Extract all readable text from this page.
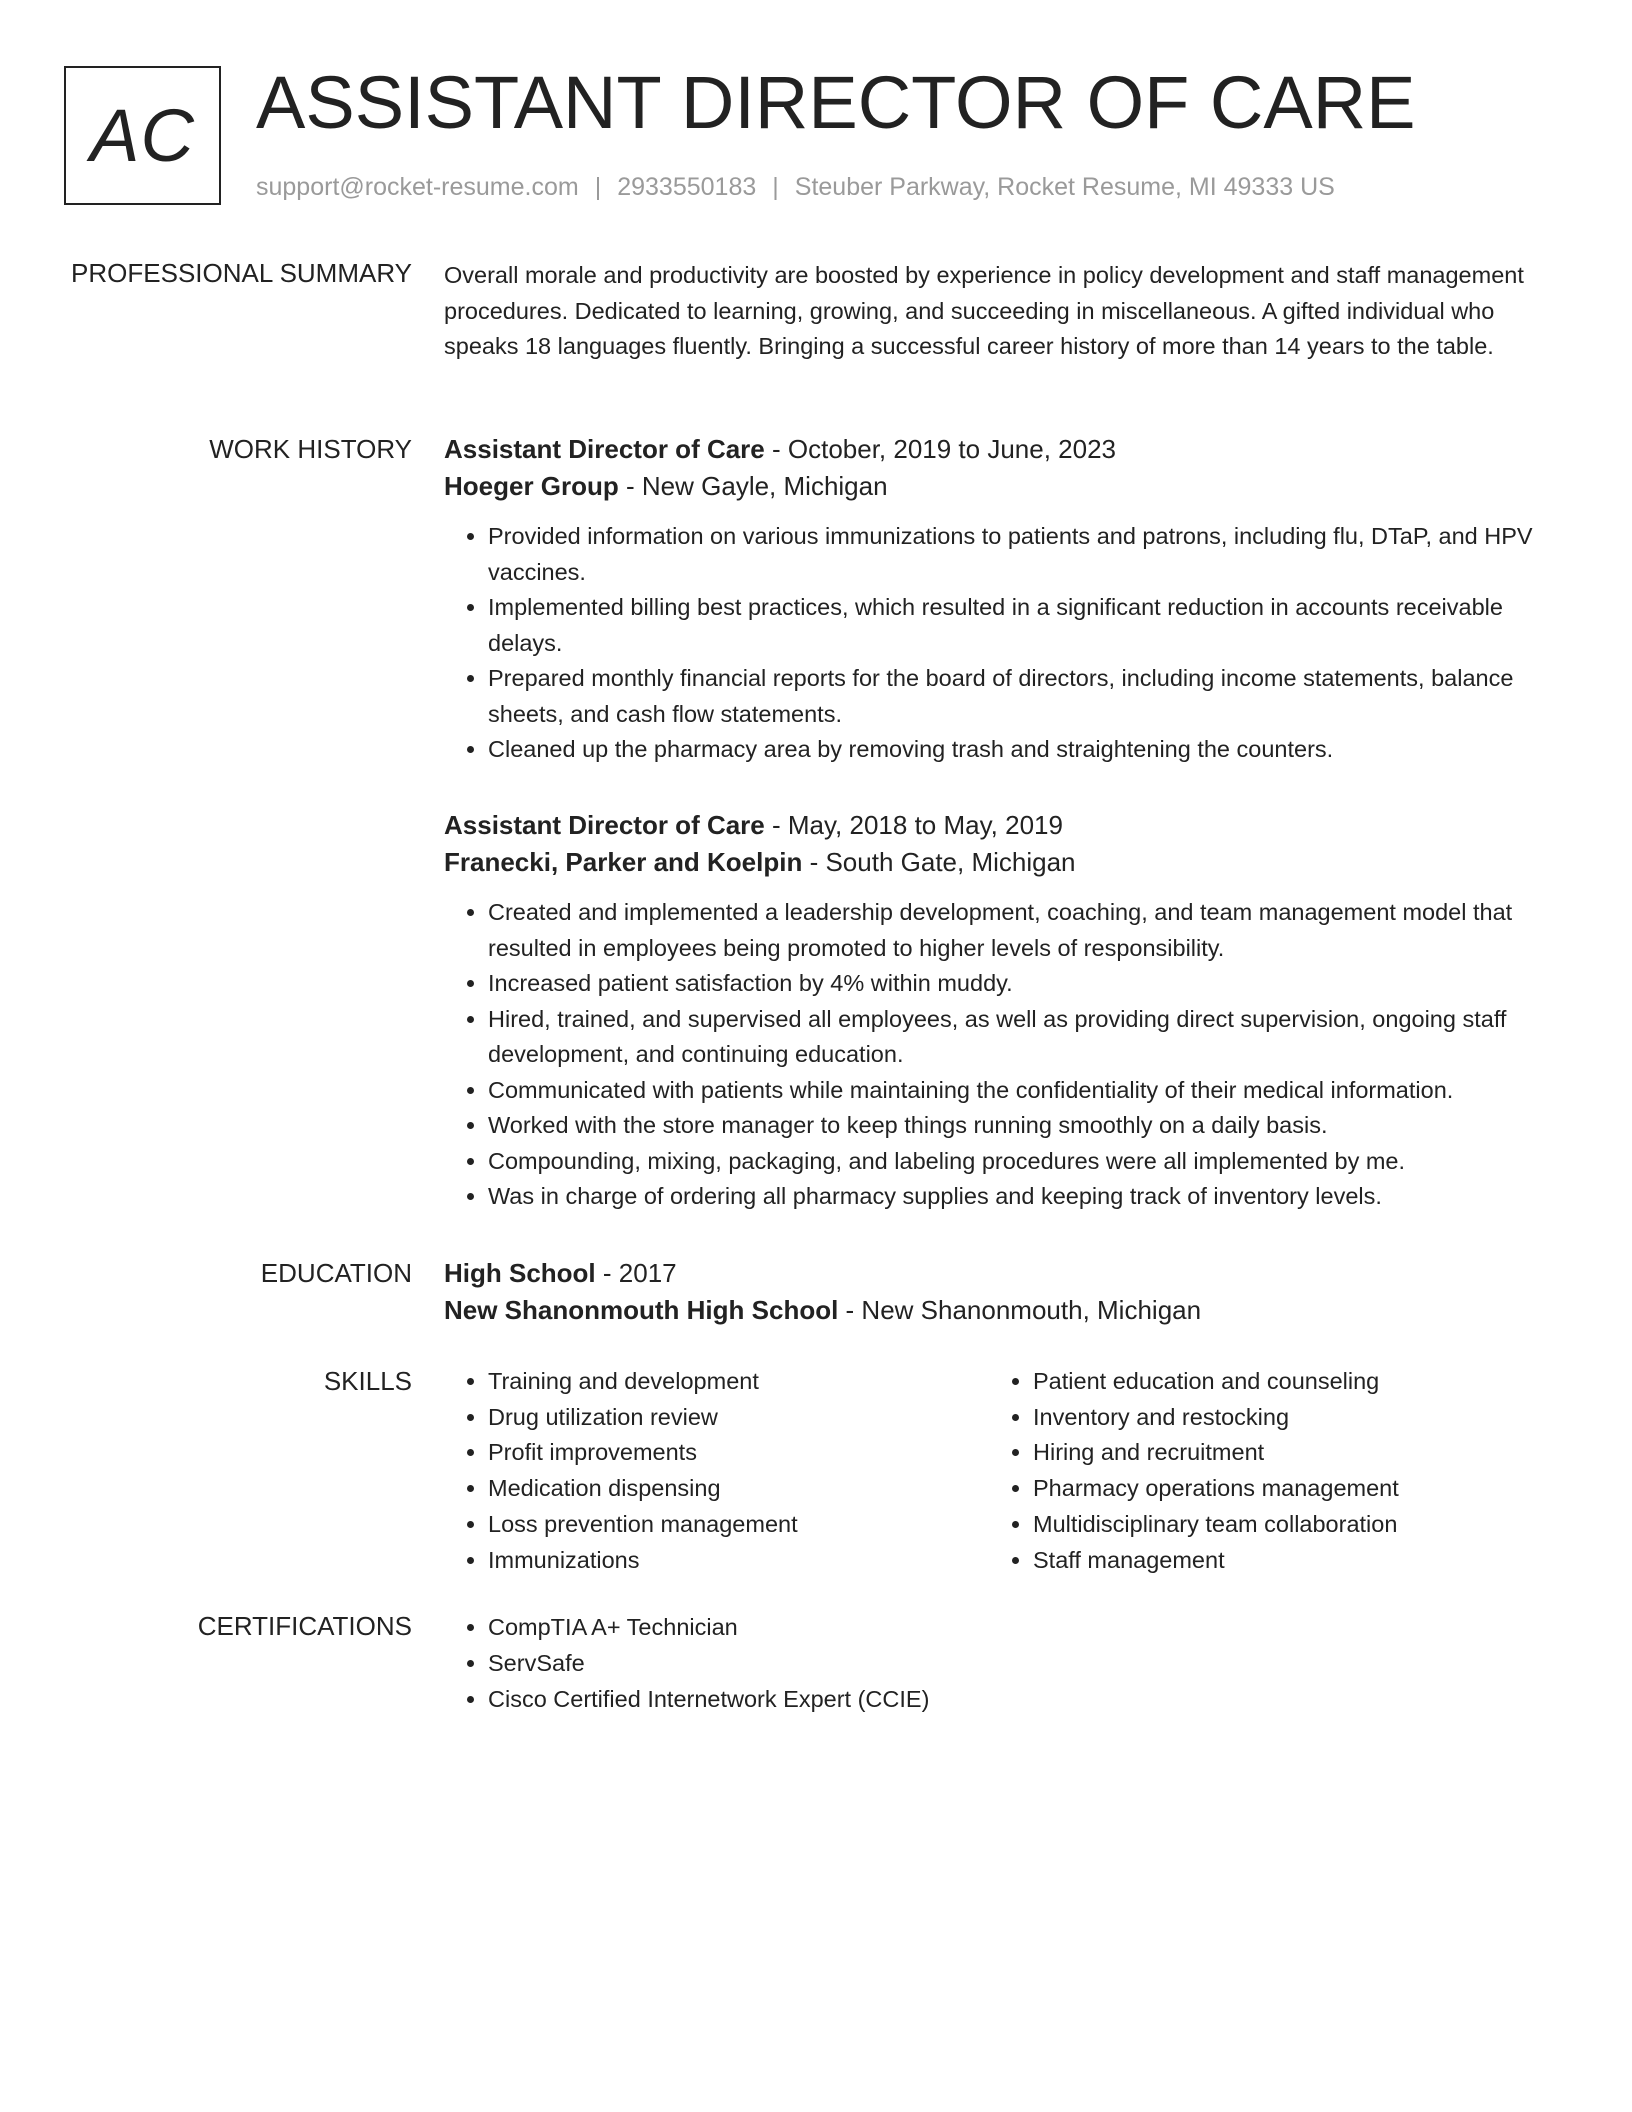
AC ASSISTANT DIRECTOR OF CARE
support@rocket-resume.com | 2933550183 | Steuber Parkway, Rocket Resume, MI 49333 US
PROFESSIONAL SUMMARY Overall morale and productivity are boosted by experience in policy development and staff management procedures. Dedicated to learning, growing, and succeeding in miscellaneous. A gifted individual who speaks 18 languages fluently. Bringing a successful career history of more than 14 years to the table.

WORK HISTORY Assistant Director of Care - October, 2019 to June, 2023
Hoeger Group - New Gayle, Michigan
• Provided information on various immunizations to patients and patrons, including flu, DTaP, and HPV vaccines.
• Implemented billing best practices, which resulted in a significant reduction in accounts receivable delays.
• Prepared monthly financial reports for the board of directors, including income statements, balance sheets, and cash flow statements.
• Cleaned up the pharmacy area by removing trash and straightening the counters.
Assistant Director of Care - May, 2018 to May, 2019
Franecki, Parker and Koelpin - South Gate, Michigan
• Created and implemented a leadership development, coaching, and team management model that resulted in employees being promoted to higher levels of responsibility.
• Increased patient satisfaction by 4% within muddy.
• Hired, trained, and supervised all employees, as well as providing direct supervision, ongoing staff development, and continuing education.
• Communicated with patients while maintaining the confidentiality of their medical information.
• Worked with the store manager to keep things running smoothly on a daily basis.
• Compounding, mixing, packaging, and labeling procedures were all implemented by me.
• Was in charge of ordering all pharmacy supplies and keeping track of inventory levels.
EDUCATION High School - 2017
New Shanonmouth High School - New Shanonmouth, Michigan
SKILLS	• Training and development
• Drug utilization review
• Profit improvements
• Medication dispensing
• Loss prevention management
• Immunizations
• Patient education and counseling
• Inventory and restocking
• Hiring and recruitment
• Pharmacy operations management
• Multidisciplinary team collaboration
• Staff management
CERTIFICATIONS	• CompTIA A+ Technician
• ServSafe
• Cisco Certified Internetwork Expert (CCIE)
